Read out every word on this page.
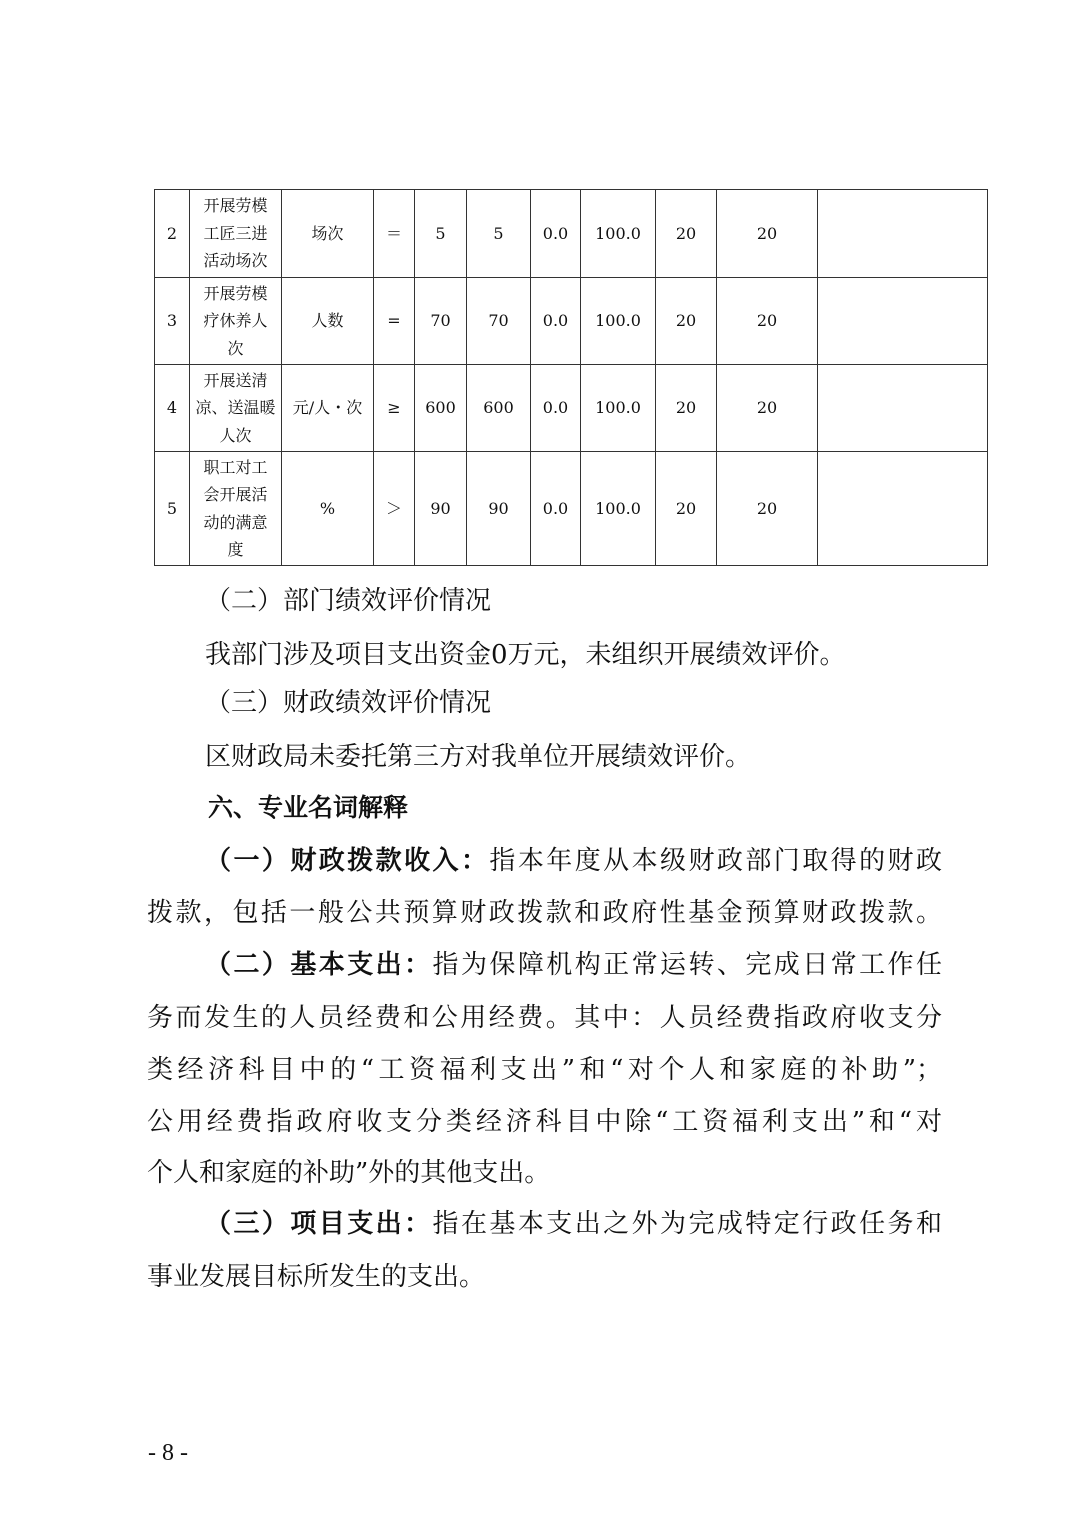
2	开展劳模
工匠三进
活动场次	场次	＝	5	5	0.0	100.0	20	20	
3	开展劳模
疗休养人
次	人数	=	70	70	0.0	100.0	20	20	
4	开展送清
凉、送温暖
人次	元/人・次	≥	600	600	0.0	100.0	20	20	
5	职工对工
会开展活
动的满意
度	%	＞	90	90	0.0	100.0	20	20	
（二）部门绩效评价情况
我部门涉及项目支出资金0万元，未组织开展绩效评价。
（三）财政绩效评价情况
区财政局未委托第三方对我单位开展绩效评价。
六、专业名词解释
（一）财政拨款收入：指本年度从本级财政部门取得的财政
拨款，包括一般公共预算财政拨款和政府性基金预算财政拨款。
（二）基本支出：指为保障机构正常运转、完成日常工作任
务而发生的人员经费和公用经费。其中：人员经费指政府收支分
类经济科目中的“工资福利支出”和“对个人和家庭的补助”；
公用经费指政府收支分类经济科目中除“工资福利支出”和“对
个人和家庭的补助”外的其他支出。
（三）项目支出：指在基本支出之外为完成特定行政任务和
事业发展目标所发生的支出。
- 8 -
